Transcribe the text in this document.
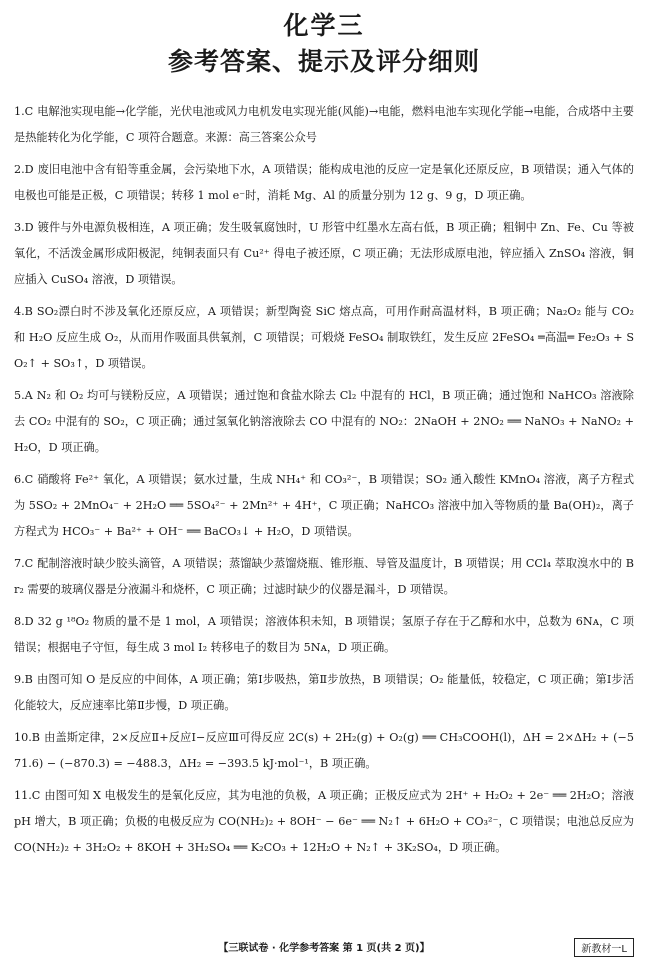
化学三
参考答案、提示及评分细则
1.C 电解池实现电能→化学能，光伏电池或风力电机发电实现光能(风能)→电能，燃料电池车实现化学能→电能，合成塔中主要是热能转化为化学能，C 项符合题意。来源：高三答案公众号
2.D 废旧电池中含有铅等重金属，会污染地下水，A 项错误；能构成电池的反应一定是氧化还原反应，B 项错误；通入气体的电极也可能是正极，C 项错误；转移 1 mol e⁻时，消耗 Mg、Al 的质量分别为 12 g、9 g，D 项正确。
3.D 镀件与外电源负极相连，A 项正确；发生吸氧腐蚀时，U 形管中红墨水左高右低，B 项正确；粗铜中 Zn、Fe、Cu 等被氧化，不活泼金属形成阳极泥，纯铜表面只有 Cu²⁺ 得电子被还原，C 项正确；无法形成原电池，锌应插入 ZnSO₄ 溶液，铜应插入 CuSO₄ 溶液，D 项错误。
4.B SO₂漂白时不涉及氧化还原反应，A 项错误；新型陶瓷 SiC 熔点高，可用作耐高温材料，B 项正确；Na₂O₂ 能与 CO₂ 和 H₂O 反应生成 O₂，从而用作吸面具供氧剂，C 项错误；可煅烧 FeSO₄ 制取铁红，发生反应 2FeSO₄ ═高温═ Fe₂O₃ + SO₂↑ + SO₃↑，D 项错误。
5.A N₂ 和 O₂ 均可与镁粉反应，A 项错误；通过饱和食盐水除去 Cl₂ 中混有的 HCl，B 项正确；通过饱和 NaHCO₃ 溶液除去 CO₂ 中混有的 SO₂，C 项正确；通过氢氧化钠溶液除去 CO 中混有的 NO₂：2NaOH + 2NO₂ ══ NaNO₃ + NaNO₂ + H₂O，D 项正确。
6.C 硝酸将 Fe²⁺ 氧化，A 项错误；氨水过量，生成 NH₄⁺ 和 CO₃²⁻，B 项错误；SO₂ 通入酸性 KMnO₄ 溶液，离子方程式为 5SO₂ + 2MnO₄⁻ + 2H₂O ══ 5SO₄²⁻ + 2Mn²⁺ + 4H⁺，C 项正确；NaHCO₃ 溶液中加入等物质的量 Ba(OH)₂，离子方程式为 HCO₃⁻ + Ba²⁺ + OH⁻ ══ BaCO₃↓ + H₂O，D 项错误。
7.C 配制溶液时缺少胶头滴管，A 项错误；蒸馏缺少蒸馏烧瓶、锥形瓶、导管及温度计，B 项错误；用 CCl₄ 萃取溴水中的 Br₂ 需要的玻璃仪器是分液漏斗和烧杯，C 项正确；过滤时缺少的仪器是漏斗，D 项错误。
8.D 32 g ¹⁸O₂ 物质的量不是 1 mol，A 项错误；溶液体积未知，B 项错误；氢原子存在于乙醇和水中，总数为 6Nᴀ，C 项错误；根据电子守恒，每生成 3 mol I₂ 转移电子的数目为 5Nᴀ，D 项正确。
9.B 由图可知 O 是反应的中间体，A 项正确；第Ⅰ步吸热，第Ⅱ步放热，B 项错误；O₂ 能量低，较稳定，C 项正确；第Ⅰ步活化能较大，反应速率比第Ⅱ步慢，D 项正确。
10.B 由盖斯定律，2×反应Ⅱ+反应Ⅰ−反应Ⅲ可得反应 2C(s) + 2H₂(g) + O₂(g) ══ CH₃COOH(l)，ΔH = 2×ΔH₂ + (−571.6) − (−870.3) = −488.3，ΔH₂ = −393.5 kJ·mol⁻¹，B 项正确。
11.C 由图可知 X 电极发生的是氧化反应，其为电池的负极，A 项正确；正极反应式为 2H⁺ + H₂O₂ + 2e⁻ ══ 2H₂O；溶液 pH 增大，B 项正确；负极的电极反应为 CO(NH₂)₂ + 8OH⁻ − 6e⁻ ══ N₂↑ + 6H₂O + CO₃²⁻，C 项错误；电池总反应为 CO(NH₂)₂ + 3H₂O₂ + 8KOH + 3H₂SO₄ ══ K₂CO₃ + 12H₂O + N₂↑ + 3K₂SO₄，D 项正确。
【三联试卷 · 化学参考答案 第 1 页(共 2 页)】	新教材一L
